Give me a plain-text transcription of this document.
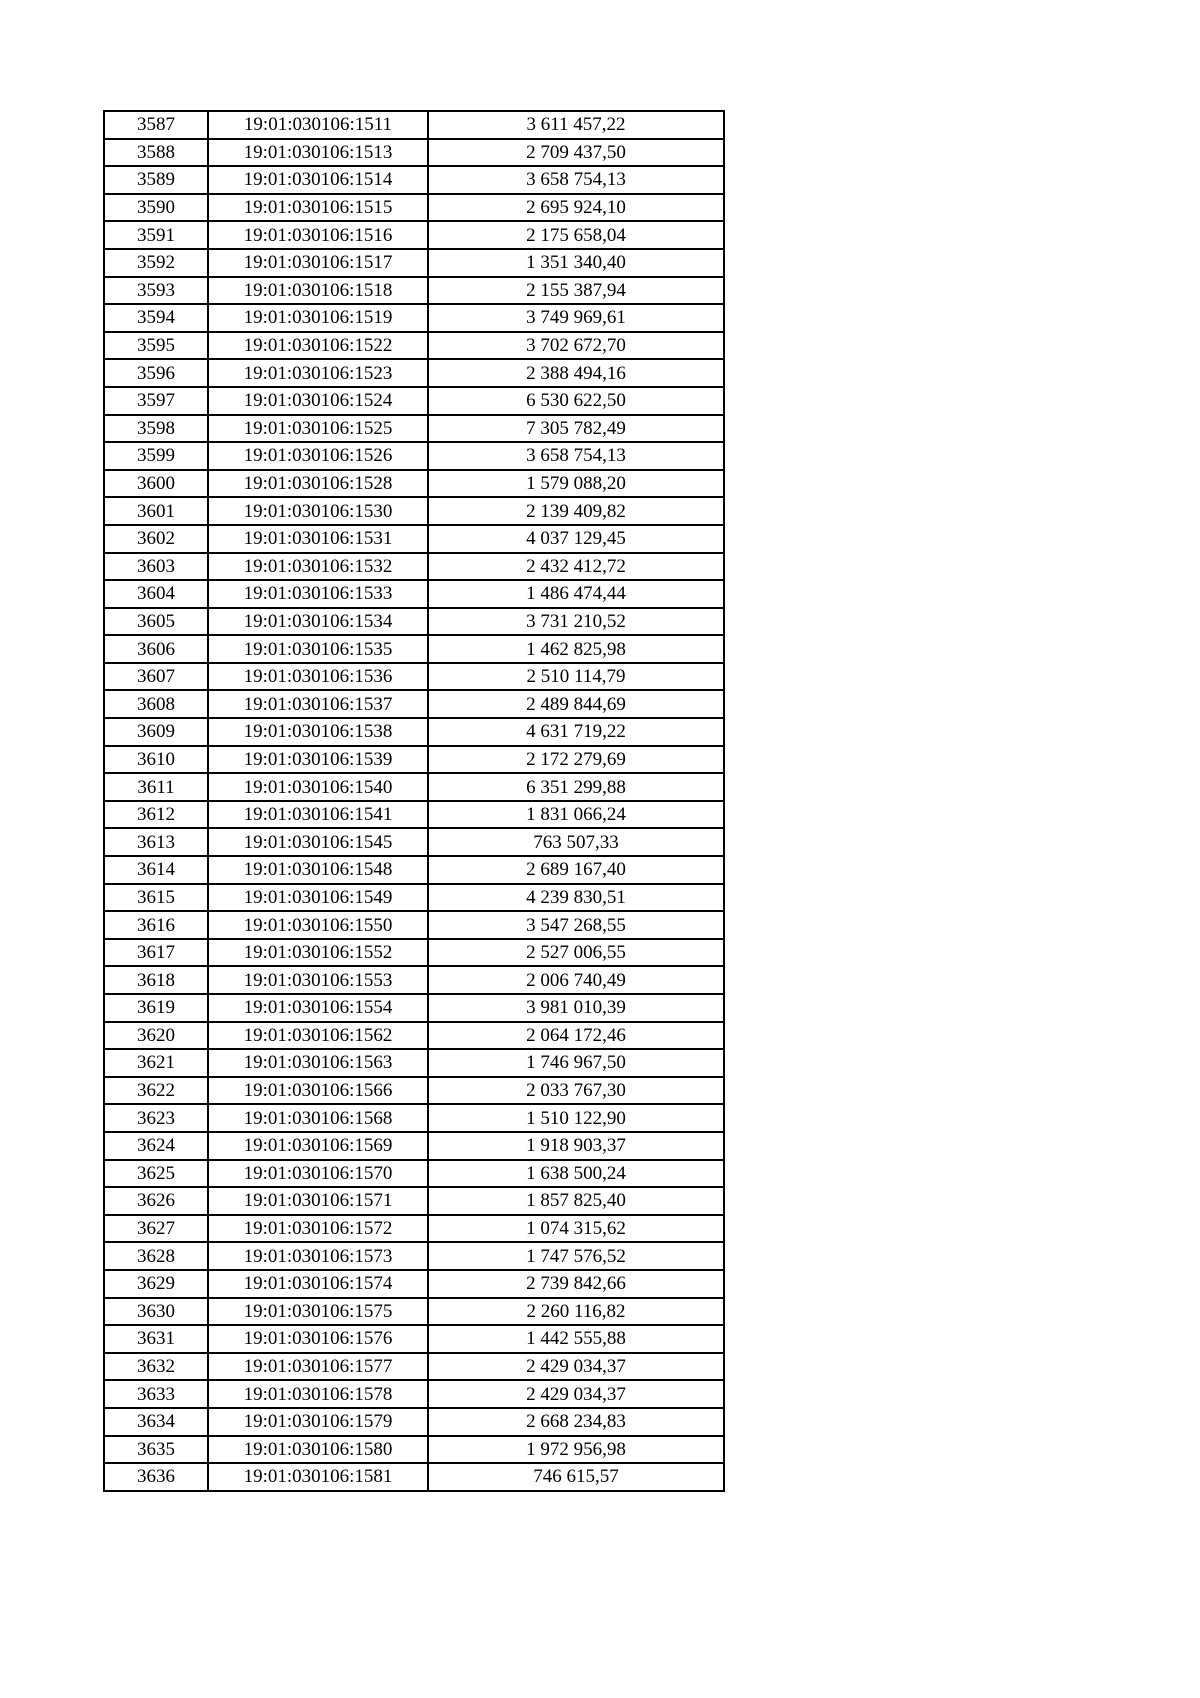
3587	19:01:030106:1511	3 611 457,22
3588	19:01:030106:1513	2 709 437,50
3589	19:01:030106:1514	3 658 754,13
3590	19:01:030106:1515	2 695 924,10
3591	19:01:030106:1516	2 175 658,04
3592	19:01:030106:1517	1 351 340,40
3593	19:01:030106:1518	2 155 387,94
3594	19:01:030106:1519	3 749 969,61
3595	19:01:030106:1522	3 702 672,70
3596	19:01:030106:1523	2 388 494,16
3597	19:01:030106:1524	6 530 622,50
3598	19:01:030106:1525	7 305 782,49
3599	19:01:030106:1526	3 658 754,13
3600	19:01:030106:1528	1 579 088,20
3601	19:01:030106:1530	2 139 409,82
3602	19:01:030106:1531	4 037 129,45
3603	19:01:030106:1532	2 432 412,72
3604	19:01:030106:1533	1 486 474,44
3605	19:01:030106:1534	3 731 210,52
3606	19:01:030106:1535	1 462 825,98
3607	19:01:030106:1536	2 510 114,79
3608	19:01:030106:1537	2 489 844,69
3609	19:01:030106:1538	4 631 719,22
3610	19:01:030106:1539	2 172 279,69
3611	19:01:030106:1540	6 351 299,88
3612	19:01:030106:1541	1 831 066,24
3613	19:01:030106:1545	763 507,33
3614	19:01:030106:1548	2 689 167,40
3615	19:01:030106:1549	4 239 830,51
3616	19:01:030106:1550	3 547 268,55
3617	19:01:030106:1552	2 527 006,55
3618	19:01:030106:1553	2 006 740,49
3619	19:01:030106:1554	3 981 010,39
3620	19:01:030106:1562	2 064 172,46
3621	19:01:030106:1563	1 746 967,50
3622	19:01:030106:1566	2 033 767,30
3623	19:01:030106:1568	1 510 122,90
3624	19:01:030106:1569	1 918 903,37
3625	19:01:030106:1570	1 638 500,24
3626	19:01:030106:1571	1 857 825,40
3627	19:01:030106:1572	1 074 315,62
3628	19:01:030106:1573	1 747 576,52
3629	19:01:030106:1574	2 739 842,66
3630	19:01:030106:1575	2 260 116,82
3631	19:01:030106:1576	1 442 555,88
3632	19:01:030106:1577	2 429 034,37
3633	19:01:030106:1578	2 429 034,37
3634	19:01:030106:1579	2 668 234,83
3635	19:01:030106:1580	1 972 956,98
3636	19:01:030106:1581	746 615,57
